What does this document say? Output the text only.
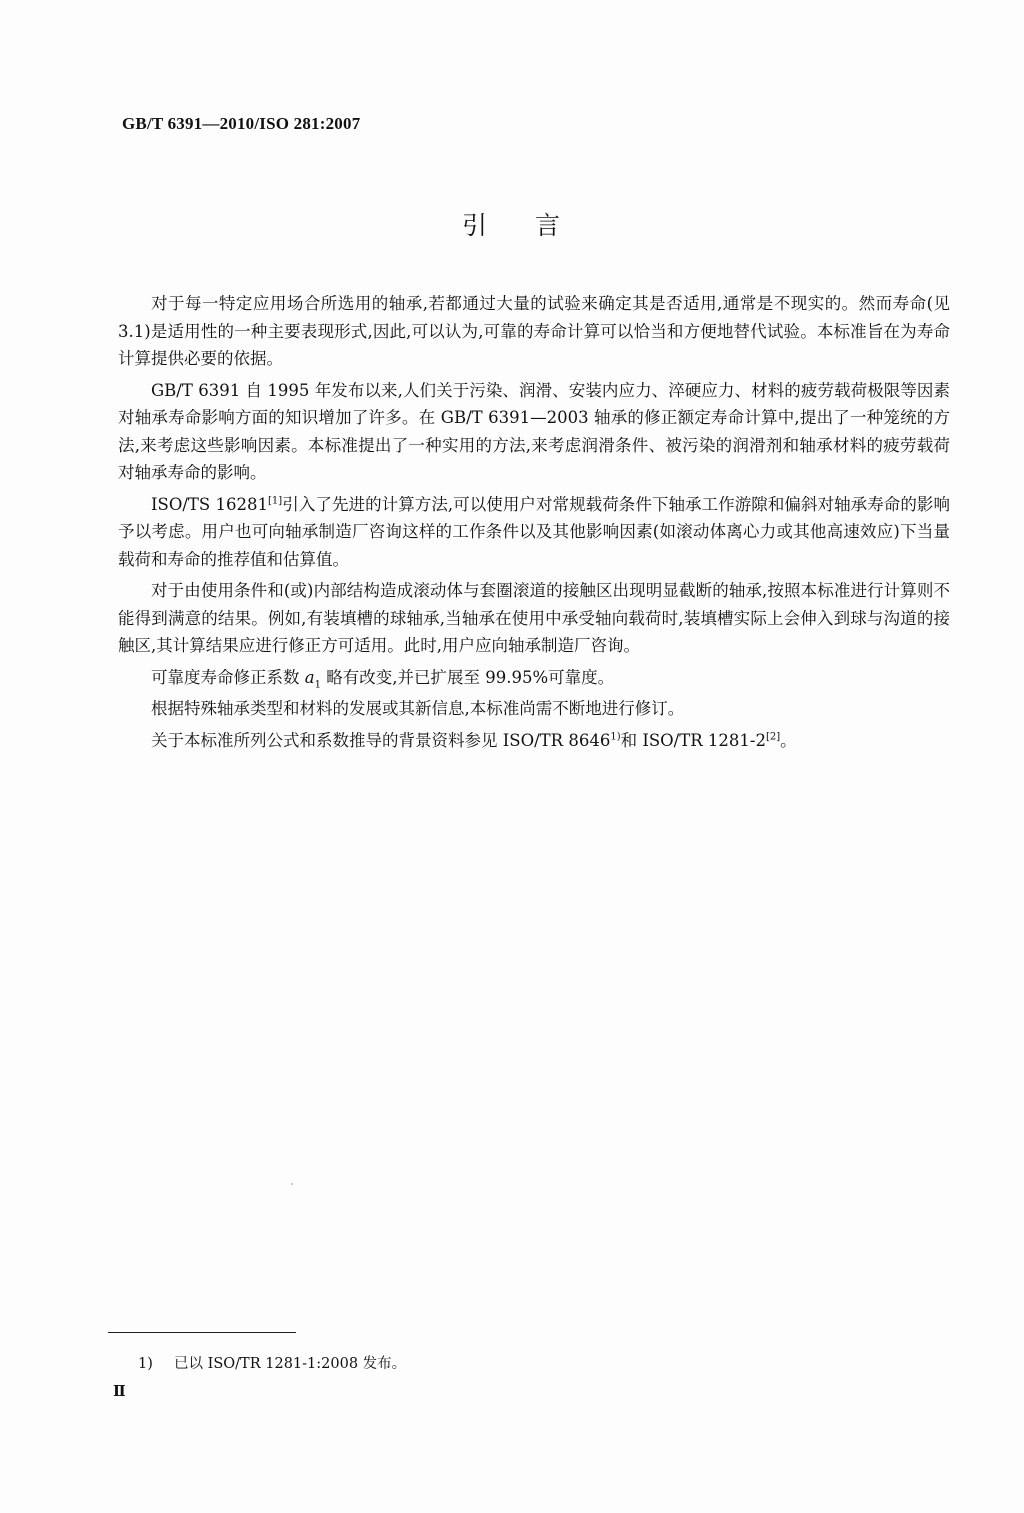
GB/T 6391—2010/ISO 281:2007
引言

对于每一特定应用场合所选用的轴承,若都通过大量的试验来确定其是否适用,通常是不现实的。然而寿命(见 3.1)是适用性的一种主要表现形式,因此,可以认为,可靠的寿命计算可以恰当和方便地替代试验。本标准旨在为寿命计算提供必要的依据。

GB/T 6391 自 1995 年发布以来,人们关于污染、润滑、安装内应力、淬硬应力、材料的疲劳载荷极限等因素对轴承寿命影响方面的知识增加了许多。在 GB/T 6391—2003 轴承的修正额定寿命计算中,提出了一种笼统的方法,来考虑这些影响因素。本标准提出了一种实用的方法,来考虑润滑条件、被污染的润滑剂和轴承材料的疲劳载荷对轴承寿命的影响。

ISO/TS 16281[1]引入了先进的计算方法,可以使用户对常规载荷条件下轴承工作游隙和偏斜对轴承寿命的影响予以考虑。用户也可向轴承制造厂咨询这样的工作条件以及其他影响因素(如滚动体离心力或其他高速效应)下当量载荷和寿命的推荐值和估算值。

对于由使用条件和(或)内部结构造成滚动体与套圈滚道的接触区出现明显截断的轴承,按照本标准进行计算则不能得到满意的结果。例如,有装填槽的球轴承,当轴承在使用中承受轴向载荷时,装填槽实际上会伸入到球与沟道的接触区,其计算结果应进行修正方可适用。此时,用户应向轴承制造厂咨询。

可靠度寿命修正系数 $a_1$ 略有改变,并已扩展至 99.95%可靠度。

根据特殊轴承类型和材料的发展或其新信息,本标准尚需不断地进行修订。

关于本标准所列公式和系数推导的背景资料参见 ISO/TR 8646$^{1)}$和 ISO/TR 1281-2[2]。

1) 已以 ISO/TR 1281-1:2008 发布。
Ⅱ
